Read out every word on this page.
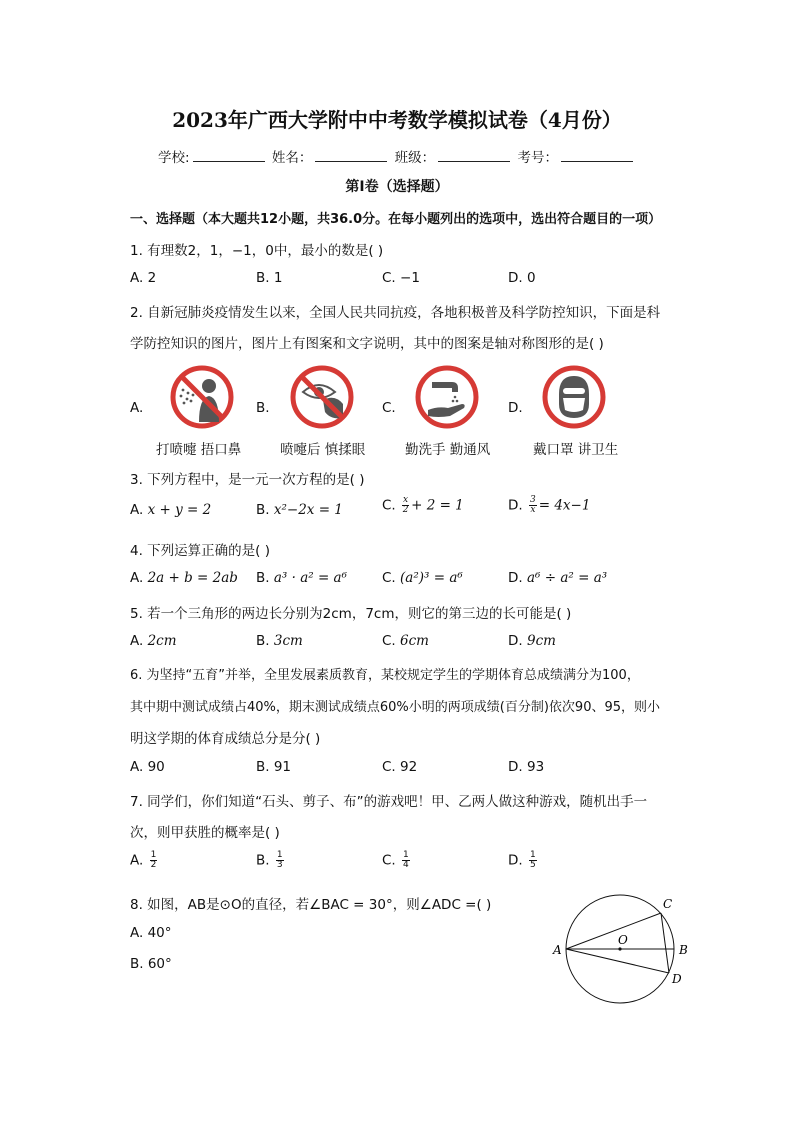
2023年广西大学附中中考数学模拟试卷（4月份）
学校:	姓名：	班级：	考号：
第I卷（选择题）
一、选择题（本大题共12小题，共36.0分。在每小题列出的选项中，选出符合题目的一项）
1. 有理数2，1，−1，0中，最小的数是( )
A. 2	B. 1	C. −1	D. 0
2. 自新冠肺炎疫情发生以来，全国人民共同抗疫，各地积极普及科学防控知识，下面是科
学防控知识的图片，图片上有图案和文字说明，其中的图案是轴对称图形的是( )
A.	B.	C.	D.
打喷嚏 捂口鼻	喷嚏后 慎揉眼	勤洗手 勤通风	戴口罩 讲卫生
3. 下列方程中，是一元一次方程的是( )
A. x + y = 2	B. x²−2x = 1	C. $\frac{x}{2} + 2 = 1$	D. $\frac{3}{x} = 4x-1$
4. 下列运算正确的是( )
A. 2a + b = 2ab B. a³ · a² = a⁶	C. (a²)³ = a⁶	D. a⁶ ÷ a² = a³
5. 若一个三角形的两边长分别为2cm，7cm，则它的第三边的长可能是( )
A. 2cm	B. 3cm	C. 6cm	D. 9cm
6. 为坚持“五育”并举，全里发展素质教育，某校规定学生的学期体育总成绩满分为100，
其中期中测试成绩占40%，期末测试成绩点60%小明的两项成绩(百分制)依次90、95，则小
明这学期的体育成绩总分是分( )
A. 90	B. 91	C. 92	D. 93
7. 同学们，你们知道“石头、剪子、布”的游戏吧！甲、乙两人做这种游戏，随机出手一
次，则甲获胜的概率是( )
A. $\frac{1}{2}$	B. $\frac{1}{3}$	C. $\frac{1}{4}$	D. $\frac{1}{5}$
8. 如图，AB是⊙O的直径，若∠BAC = 30°，则∠ADC =( )
A. 40°
B. 60°
A	B
C
D
O
